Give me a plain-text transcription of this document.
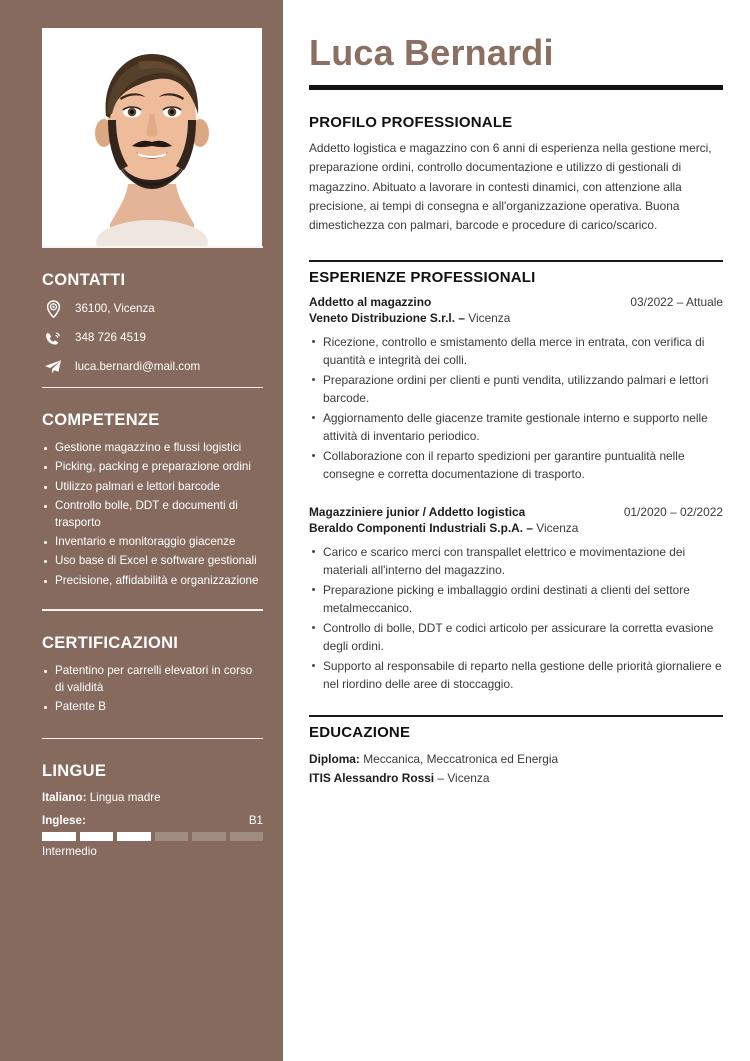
CONTATTI
36100, Vicenza
348 726 4519
luca.bernardi@mail.com
COMPETENZE
Gestione magazzino e flussi logistici
Picking, packing e preparazione ordini
Utilizzo palmari e lettori barcode
Controllo bolle, DDT e documenti di trasporto
Inventario e monitoraggio giacenze
Uso base di Excel e software gestionali
Precisione, affidabilità e organizzazione
CERTIFICAZIONI
Patentino per carrelli elevatori in corso di validità
Patente B
LINGUE
Italiano: Lingua madre
Inglese:	B1
Intermedio
Luca Bernardi
PROFILO PROFESSIONALE

Addetto logistica e magazzino con 6 anni di esperienza nella gestione merci, preparazione ordini, controllo documentazione e utilizzo di gestionali di magazzino. Abituato a lavorare in contesti dinamici, con attenzione alla precisione, ai tempi di consegna e all'organizzazione operativa. Buona dimestichezza con palmari, barcode e procedure di carico/scarico.

ESPERIENZE PROFESSIONALI
Addetto al magazzino	03/2022 – Attuale
Veneto Distribuzione S.r.l. – Vicenza
Ricezione, controllo e smistamento della merce in entrata, con verifica di quantità e integrità dei colli.
Preparazione ordini per clienti e punti vendita, utilizzando palmari e lettori barcode.
Aggiornamento delle giacenze tramite gestionale interno e supporto nelle attività di inventario periodico.
Collaborazione con il reparto spedizioni per garantire puntualità nelle consegne e corretta documentazione di trasporto.
Magazziniere junior / Addetto logistica	01/2020 – 02/2022
Beraldo Componenti Industriali S.p.A. – Vicenza
Carico e scarico merci con transpallet elettrico e movimentazione dei materiali all'interno del magazzino.
Preparazione picking e imballaggio ordini destinati a clienti del settore metalmeccanico.
Controllo di bolle, DDT e codici articolo per assicurare la corretta evasione degli ordini.
Supporto al responsabile di reparto nella gestione delle priorità giornaliere e nel riordino delle aree di stoccaggio.
EDUCAZIONE
Diploma: Meccanica, Meccatronica ed Energia
ITIS Alessandro Rossi – Vicenza
